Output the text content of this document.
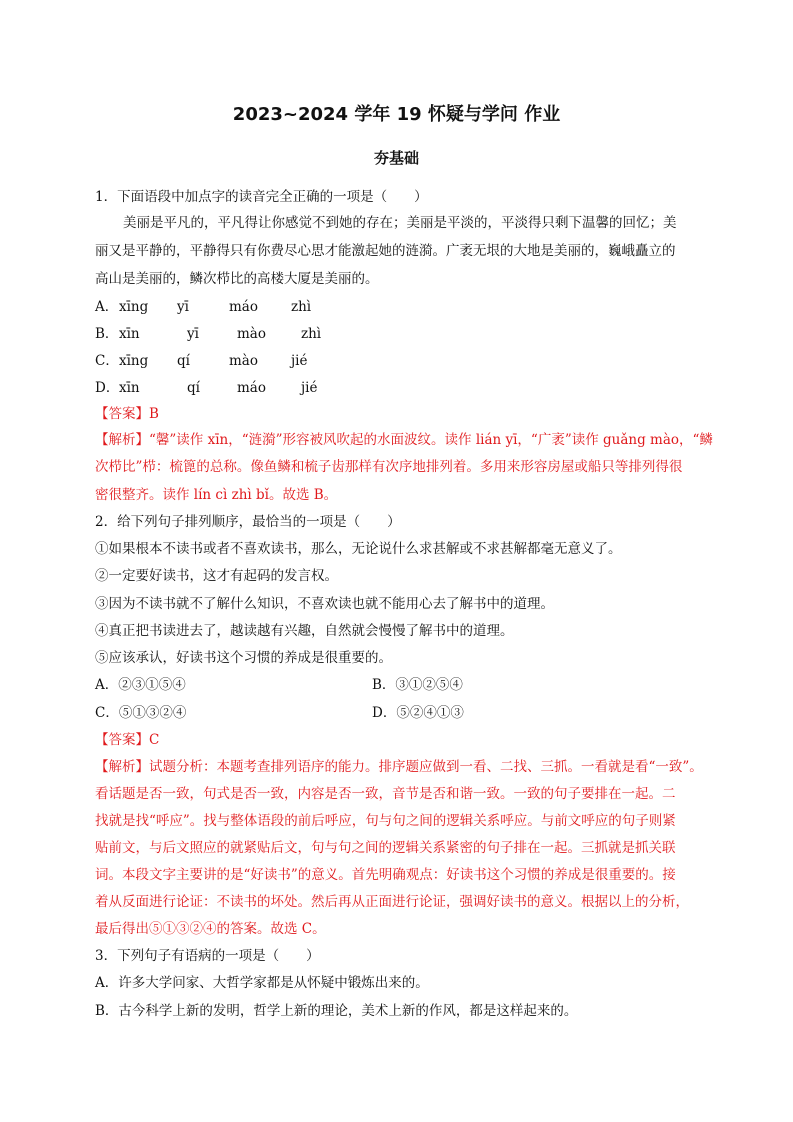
2023~2024 学年 19 怀疑与学问 作业
夯基础
1．下面语段中加点字的读音完全正确的一项是（　　）
美丽是平凡的，平凡得让你感觉不到她的存在；美丽是平淡的，平淡得只剩下温馨的回忆；美
丽又是平静的，平静得只有你费尽心思才能激起她的涟漪。广袤无垠的大地是美丽的，巍峨矗立的
高山是美丽的，鳞次栉比的高楼大厦是美丽的。
A． xīng yī	máo zhì
B． xīn	yī	mào	zhì
C． xīng qí	mào jié
D． xīn	qí	máo	jié
【答案】B
【解析】“馨”读作 xīn，“涟漪”形容被风吹起的水面波纹。读作 lián yī，“广袤”读作 guǎng mào，“鳞
次栉比”栉：梳篦的总称。像鱼鳞和梳子齿那样有次序地排列着。多用来形容房屋或船只等排列得很
密很整齐。读作 lín cì zhì bǐ。故选 B。
2．给下列句子排列顺序，最恰当的一项是（　　）
①如果根本不读书或者不喜欢读书，那么，无论说什么求甚解或不求甚解都毫无意义了。
②一定要好读书，这才有起码的发言权。
③因为不读书就不了解什么知识，不喜欢读也就不能用心去了解书中的道理。
④真正把书读进去了，越读越有兴趣，自然就会慢慢了解书中的道理。
⑤应该承认，好读书这个习惯的养成是很重要的。
A．②③①⑤④	B．③①②⑤④
C．⑤①③②④	D．⑤②④①③
【答案】C
【解析】试题分析：本题考查排列语序的能力。排序题应做到一看、二找、三抓。一看就是看“一致”。
看话题是否一致，句式是否一致，内容是否一致，音节是否和谐一致。一致的句子要排在一起。二
找就是找“呼应”。找与整体语段的前后呼应，句与句之间的逻辑关系呼应。与前文呼应的句子则紧
贴前文，与后文照应的就紧贴后文，句与句之间的逻辑关系紧密的句子排在一起。三抓就是抓关联
词。本段文字主要讲的是“好读书”的意义。首先明确观点：好读书这个习惯的养成是很重要的。接
着从反面进行论证：不读书的坏处。然后再从正面进行论证，强调好读书的意义。根据以上的分析，
最后得出⑤①③②④的答案。故选 C。
3．下列句子有语病的一项是（　　）
A．许多大学问家、大哲学家都是从怀疑中锻炼出来的。
B．古今科学上新的发明，哲学上新的理论，美术上新的作风，都是这样起来的。
